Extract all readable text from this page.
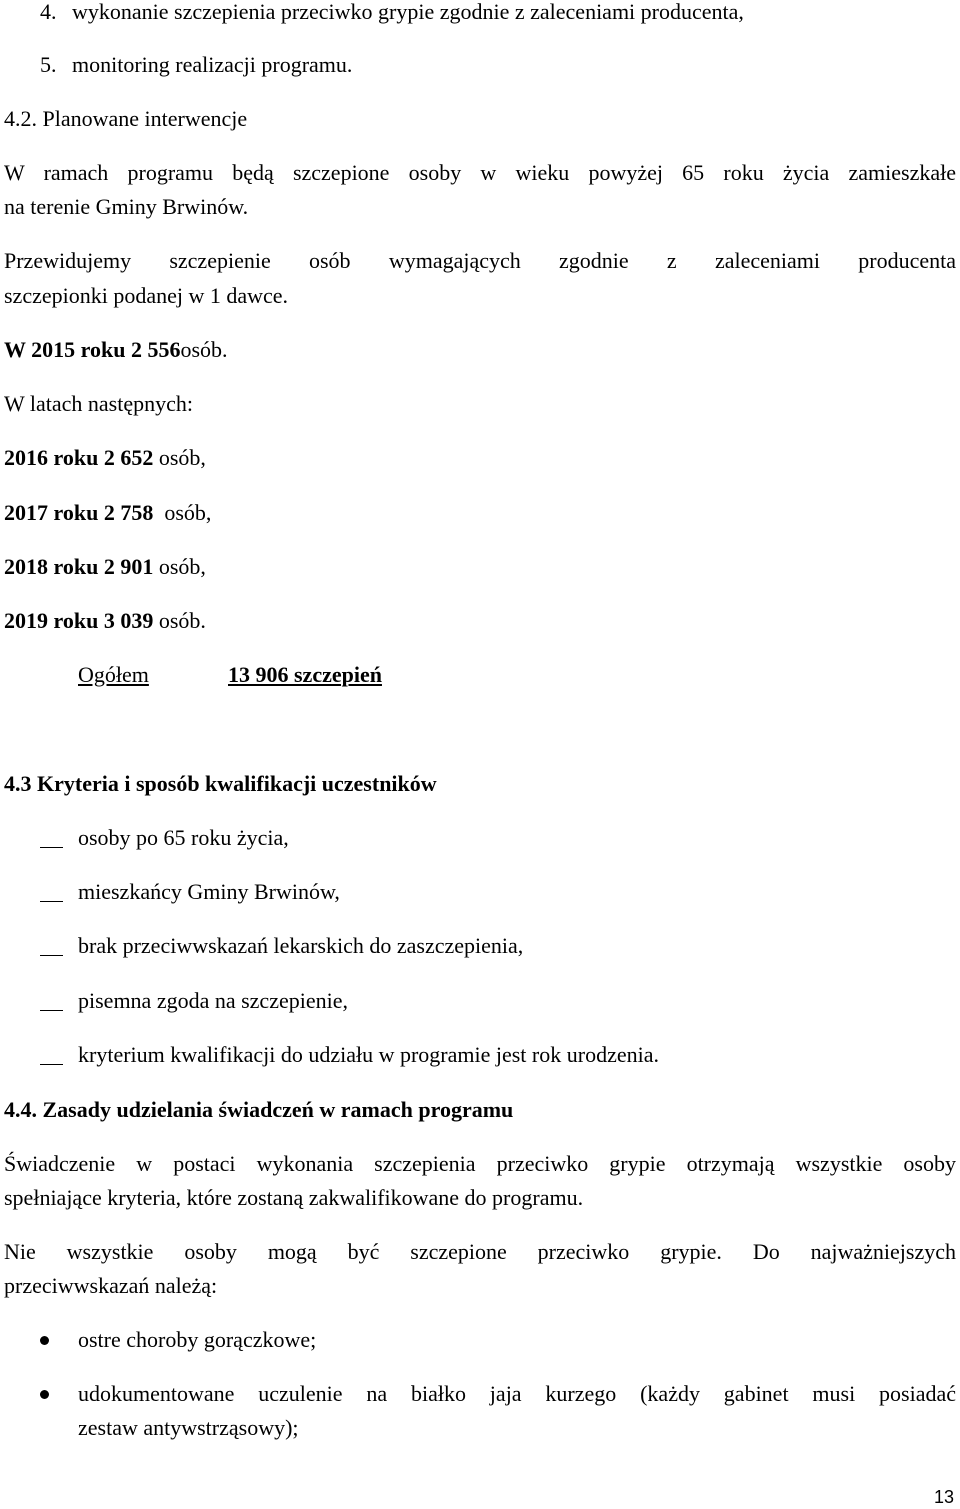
4. wykonanie szczepienia przeciwko grypie zgodnie z zaleceniami producenta,
5. monitoring realizacji programu.
4.2. Planowane interwencje
W ramach programu będą szczepione osoby w wieku powyżej 65 roku życia zamieszkałe
na terenie Gminy Brwinów.
Przewidujemy szczepienie osób wymagających zgodnie z zaleceniami producenta
szczepionki podanej w 1 dawce.
W 2015 roku 2 556osób.
W latach następnych:
2016 roku 2 652 osób,
2017 roku 2 758  osób,
2018 roku 2 901 osób,
2019 roku 3 039 osób.
Ogółem	13 906 szczepień
4.3 Kryteria i sposób kwalifikacji uczestników
osoby po 65 roku życia,
mieszkańcy Gminy Brwinów,
brak przeciwwskazań lekarskich do zaszczepienia,
pisemna zgoda na szczepienie,
kryterium kwalifikacji do udziału w programie jest rok urodzenia.
4.4. Zasady udzielania świadczeń w ramach programu
Świadczenie w postaci wykonania szczepienia przeciwko grypie otrzymają wszystkie osoby
spełniające kryteria, które zostaną zakwalifikowane do programu.
Nie wszystkie osoby mogą być szczepione przeciwko grypie. Do najważniejszych
przeciwwskazań należą:
ostre choroby gorączkowe;
udokumentowane uczulenie na białko jaja kurzego (każdy gabinet musi posiadać
zestaw antywstrząsowy);
13
